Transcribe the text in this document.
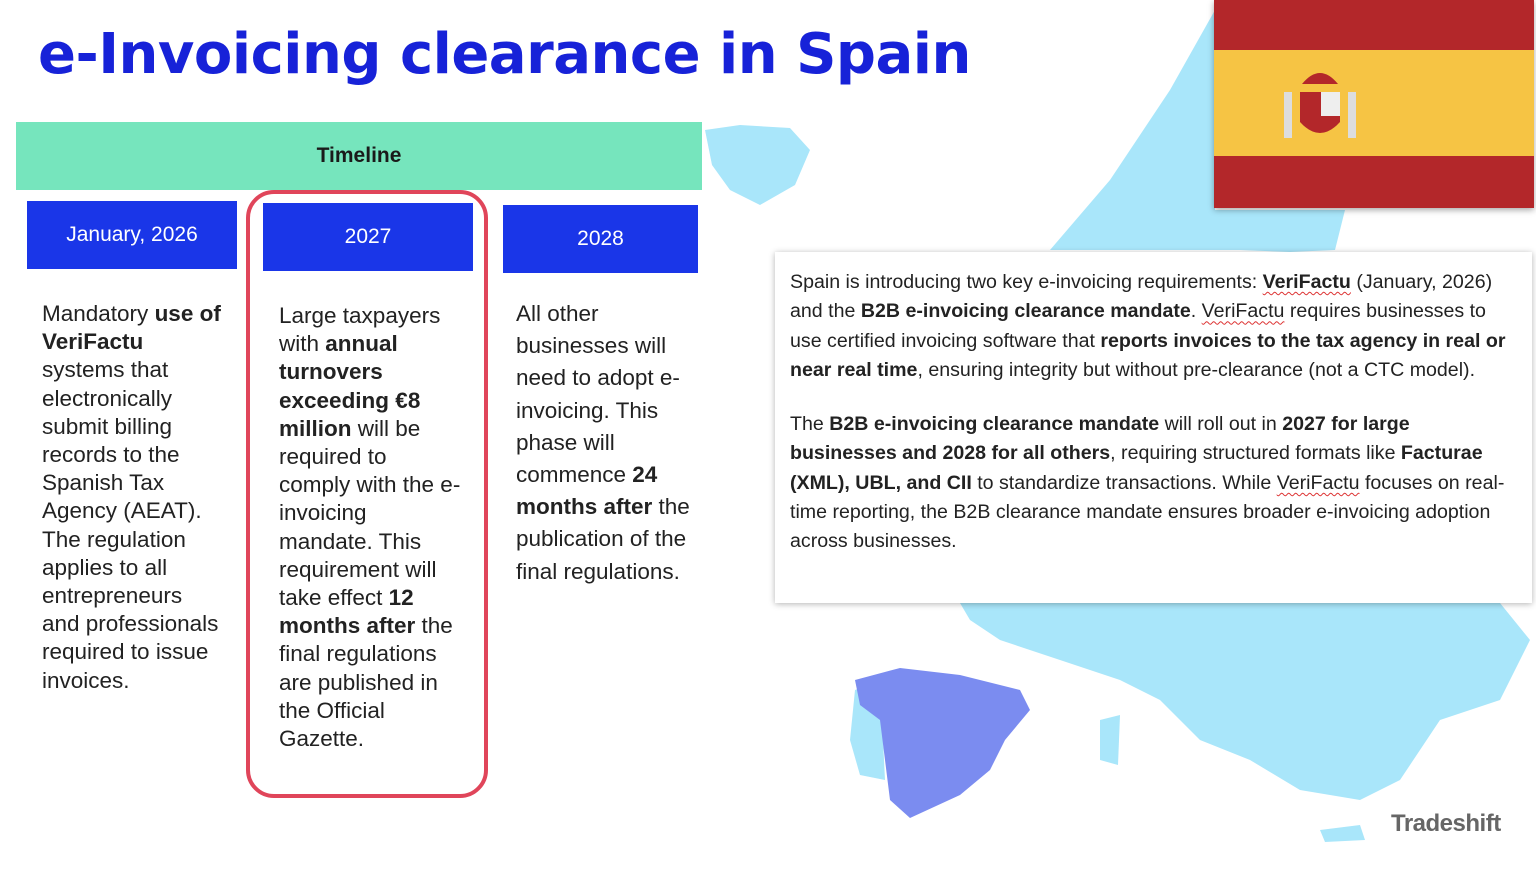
e-Invoicing clearance in Spain
Timeline
January, 2026	2027	2028
Mandatory use of VeriFactu systems that electronically submit billing records to the Spanish Tax Agency (AEAT). The regulation applies to all entrepreneurs and professionals required to issue invoices.
Large taxpayers with annual turnovers exceeding €8 million will be required to comply with the e-invoicing mandate. This requirement will take effect 12 months after the final regulations are published in the Official Gazette.
All other businesses will need to adopt e-invoicing. This phase will commence 24 months after the publication of the final regulations.

Spain is introducing two key e-invoicing requirements: VeriFactu (January, 2026) and the B2B e-invoicing clearance mandate. VeriFactu requires businesses to use certified invoicing software that reports invoices to the tax agency in real or near real time, ensuring integrity but without pre-clearance (not a CTC model).

The B2B e-invoicing clearance mandate will roll out in 2027 for large businesses and 2028 for all others, requiring structured formats like Facturae (XML), UBL, and CII to standardize transactions. While VeriFactu focuses on real-time reporting, the B2B clearance mandate ensures broader e-invoicing adoption across businesses.

Tradeshift
